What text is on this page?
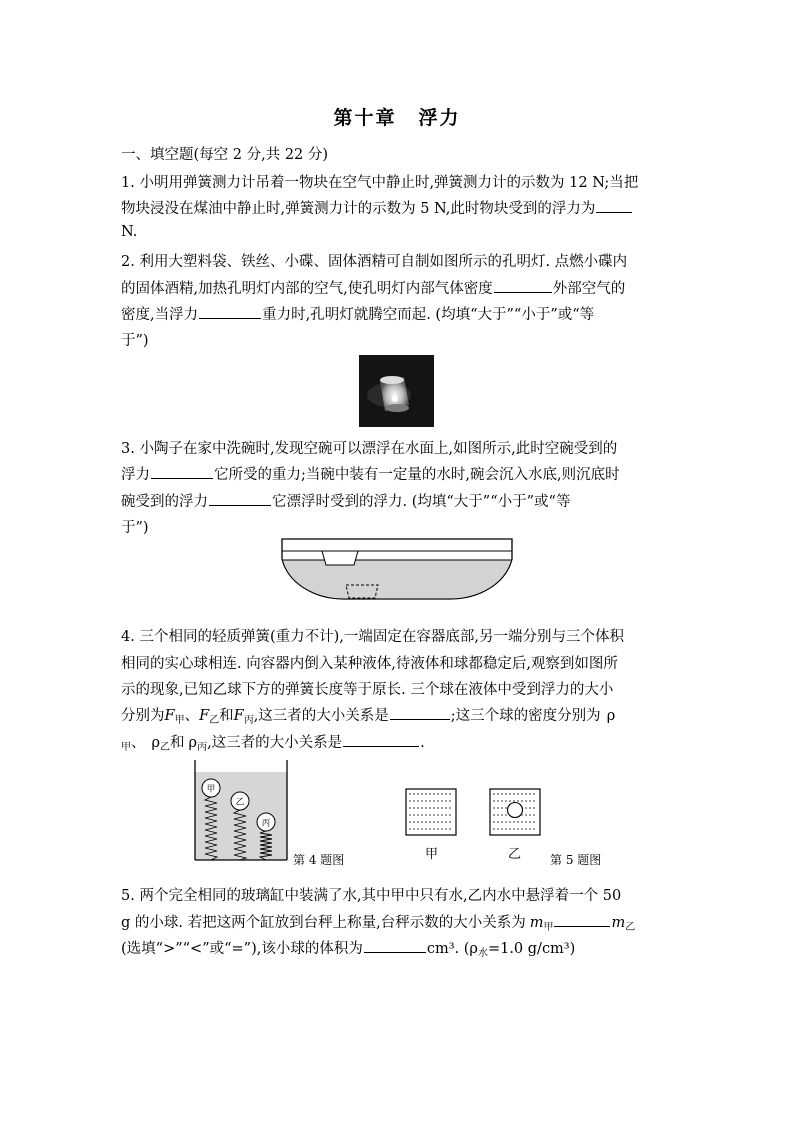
第十章 浮力
一、填空题(每空 2 分,共 22 分)
1. 小明用弹簧测力计吊着一物块在空气中静止时,弹簧测力计的示数为 12 N;当把
物块浸没在煤油中静止时,弹簧测力计的示数为 5 N,此时物块受到的浮力为
N.
2. 利用大塑料袋、铁丝、小碟、固体酒精可自制如图所示的孔明灯. 点燃小碟内
的固体酒精,加热孔明灯内部的空气,使孔明灯内部气体密度	外部空气的
密度,当浮力	重力时,孔明灯就腾空而起. (均填“大于”“小于”或“等
于”)
3. 小陶子在家中洗碗时,发现空碗可以漂浮在水面上,如图所示,此时空碗受到的
浮力	它所受的重力;当碗中装有一定量的水时,碗会沉入水底,则沉底时
碗受到的浮力	它漂浮时受到的浮力. (均填“大于”“小于”或“等
于”)
4. 三个相同的轻质弹簧(重力不计),一端固定在容器底部,另一端分别与三个体积
相同的实心球相连. 向容器内倒入某种液体,待液体和球都稳定后,观察到如图所
示的现象,已知乙球下方的弹簧长度等于原长. 三个球在液体中受到浮力的大小
分别为$F_甲$、$F_乙$和$F_丙$,这三者的大小关系是	;这三个球的密度分别为 ρ
$_甲$、 $\rho_乙$和 $\rho_丙$,这三者的大小关系是	.
甲
乙
丙
第 4 题图	甲	乙 第 5 题图
5. 两个完全相同的玻璃缸中装满了水,其中甲中只有水,乙内水中悬浮着一个 50
g 的小球. 若把这两个缸放到台秤上称量,台秤示数的大小关系为 $m_甲$	$m_乙$
(选填“>”“<”或“=”),该小球的体积为	cm³. ($\rho_水=1.0$ g/cm³)
